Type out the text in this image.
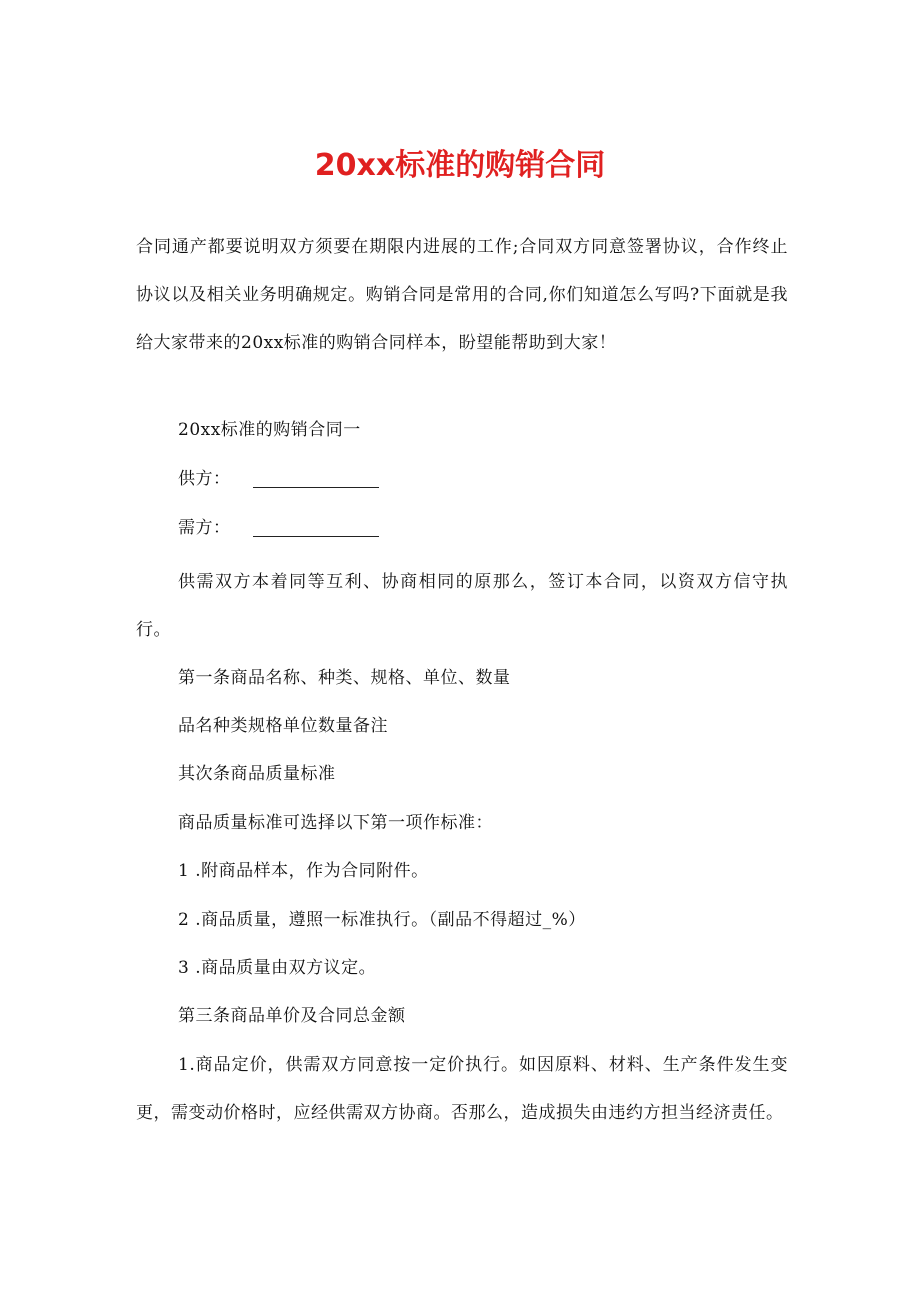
20xx标准的购销合同
合同通产都要说明双方须要在期限内进展的工作;合同双方同意签署协议，合作终止协议以及相关业务明确规定。购销合同是常用的合同,你们知道怎么写吗?下面就是我给大家带来的20xx标准的购销合同样本，盼望能帮助到大家！
20xx标准的购销合同一
供方：
需方：
供需双方本着同等互利、协商相同的原那么，签订本合同，以资双方信守执行。
第一条商品名称、种类、规格、单位、数量
品名种类规格单位数量备注
其次条商品质量标准
商品质量标准可选择以下第一项作标准：
1 .附商品样本，作为合同附件。
2 .商品质量，遵照一标准执行。（副品不得超过_%）
3 .商品质量由双方议定。
第三条商品单价及合同总金额
1.商品定价，供需双方同意按一定价执行。如因原料、材料、生产条件发生变更，需变动价格时，应经供需双方协商。否那么，造成损失由违约方担当经济责任。
